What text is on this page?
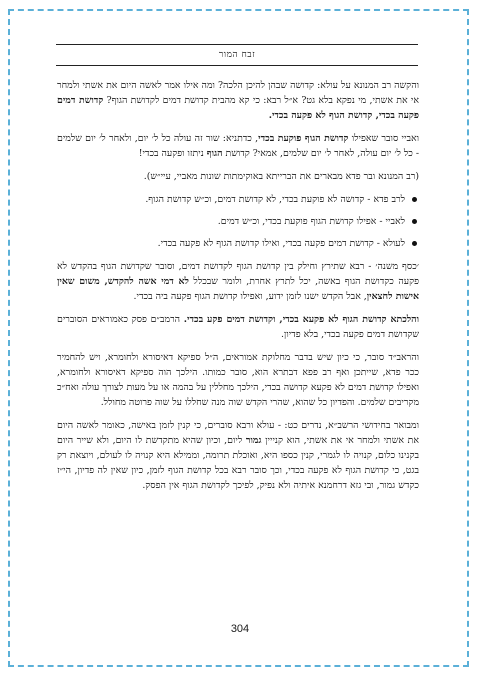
זבח המור

והקשה רב המנונא על עולא: קדושה שבהן להיכן הלכה? ומה אילו אמר לאשה היום את אשתי ולמחר אי את אשתי, מי נפקא בלא גט? א״ל רבא: כי קא מהבית קדושת דמים לקדושת הגוף? קדושת דמים פקעה בכדי, קדושת הגוף לא פקעה בכדי.

ואביי סובר שאפילו קדושת הגוף פוקעת בכדי, כדתניא: שור זה עולה כל ל׳ יום, ולאחר ל׳ יום שלמים - כל ל׳ יום עולה, לאחר ל׳ יום שלמים, אמאי? קדושת הגוף ניתזו ופקעה בכדי!

(רב המנונא ובר פדא מבארים את הברייתא באוקימתות שונות מאביי, עיי״ש).

לרב פדא - קדושה לא פוקעת בכדי, לא קדושת דמים, וכ״ש קדושת הגוף.
לאביי - אפילו קדושת הגוף פוקעת בכדי, וכ״ש דמים.
לעולא - קדושת דמים פקעה בכדי, ואילו קדושת הגוף לא פקעה בכדי.

׳כסף משנה׳ - רבא שתירץ וחילק בין קדושת הגוף לקדושת דמים, וסובר שקדושת הגוף בהקדש לא פקעה כקדושת הגוף באשה, יכל לתרץ אחרת, ולומר שבכלל לא דמי אשה להקדש, משום שאין אישות לחצאין, אבל הקדש ישנו לזמן ידוע, ואפילו קדושת הגוף פקעה ביה בכדי.

והלכתא קדושת הגוף לא פקעא בכדי, וקדושת דמים פקע בכדי. הרמב״ם פסק כאמוראים הסוברים שקדושת דמים פקעה בכדי, בלא פדיון.

והראב״ד סובר, כי כיון שיש בדבר מחלוקת אמוראים, ה״ל ספיקא דאיסורא ולחומרא, ויש להחמיר ככר פדא, שייתכן ואף רב פפא דבתרא הוא, סובר כמותו. הילכך הוה ספיקא דאיסורא ולחומרא, ואפילו קדושת דמים לא פקעא קדושה בכדי, הילכך מחללין על בהמה או על מעות לצורך עולה ואח״כ מקריבים שלמים. והפדיון כל שהוא, שהרי הקדש שוה מנה שחללו על שוה פרוטה מחולל.

ומבואר בחידושי הרשב״א, נדרים כט: - עולא ורבא סוברים, כי קנין לזמן באישה, כאומר לאשה היום את אשתי ולמחר אי את אשתי, הוא קנייין גמור ליום, וכיון שהיא מתקדשת לו היום, ולא שייר היום בקנינו כלום, קנויה לו לגמרי, קנין כספו היא, ואוכלת תרומה, וממילא היא קנויה לו לעולם, ויוצאת רק בגט, כי קדושת הגוף לא פקעה בכדי, וכך סובר רבא בכל קדושת הגוף לזמן, כיון שאין לה פדיון, הי״ז כקדש גמור, ובי גזא דרחמנא איתיה ולא נפיק, לפיכך לקדושת הגוף אין הפסק.

304
